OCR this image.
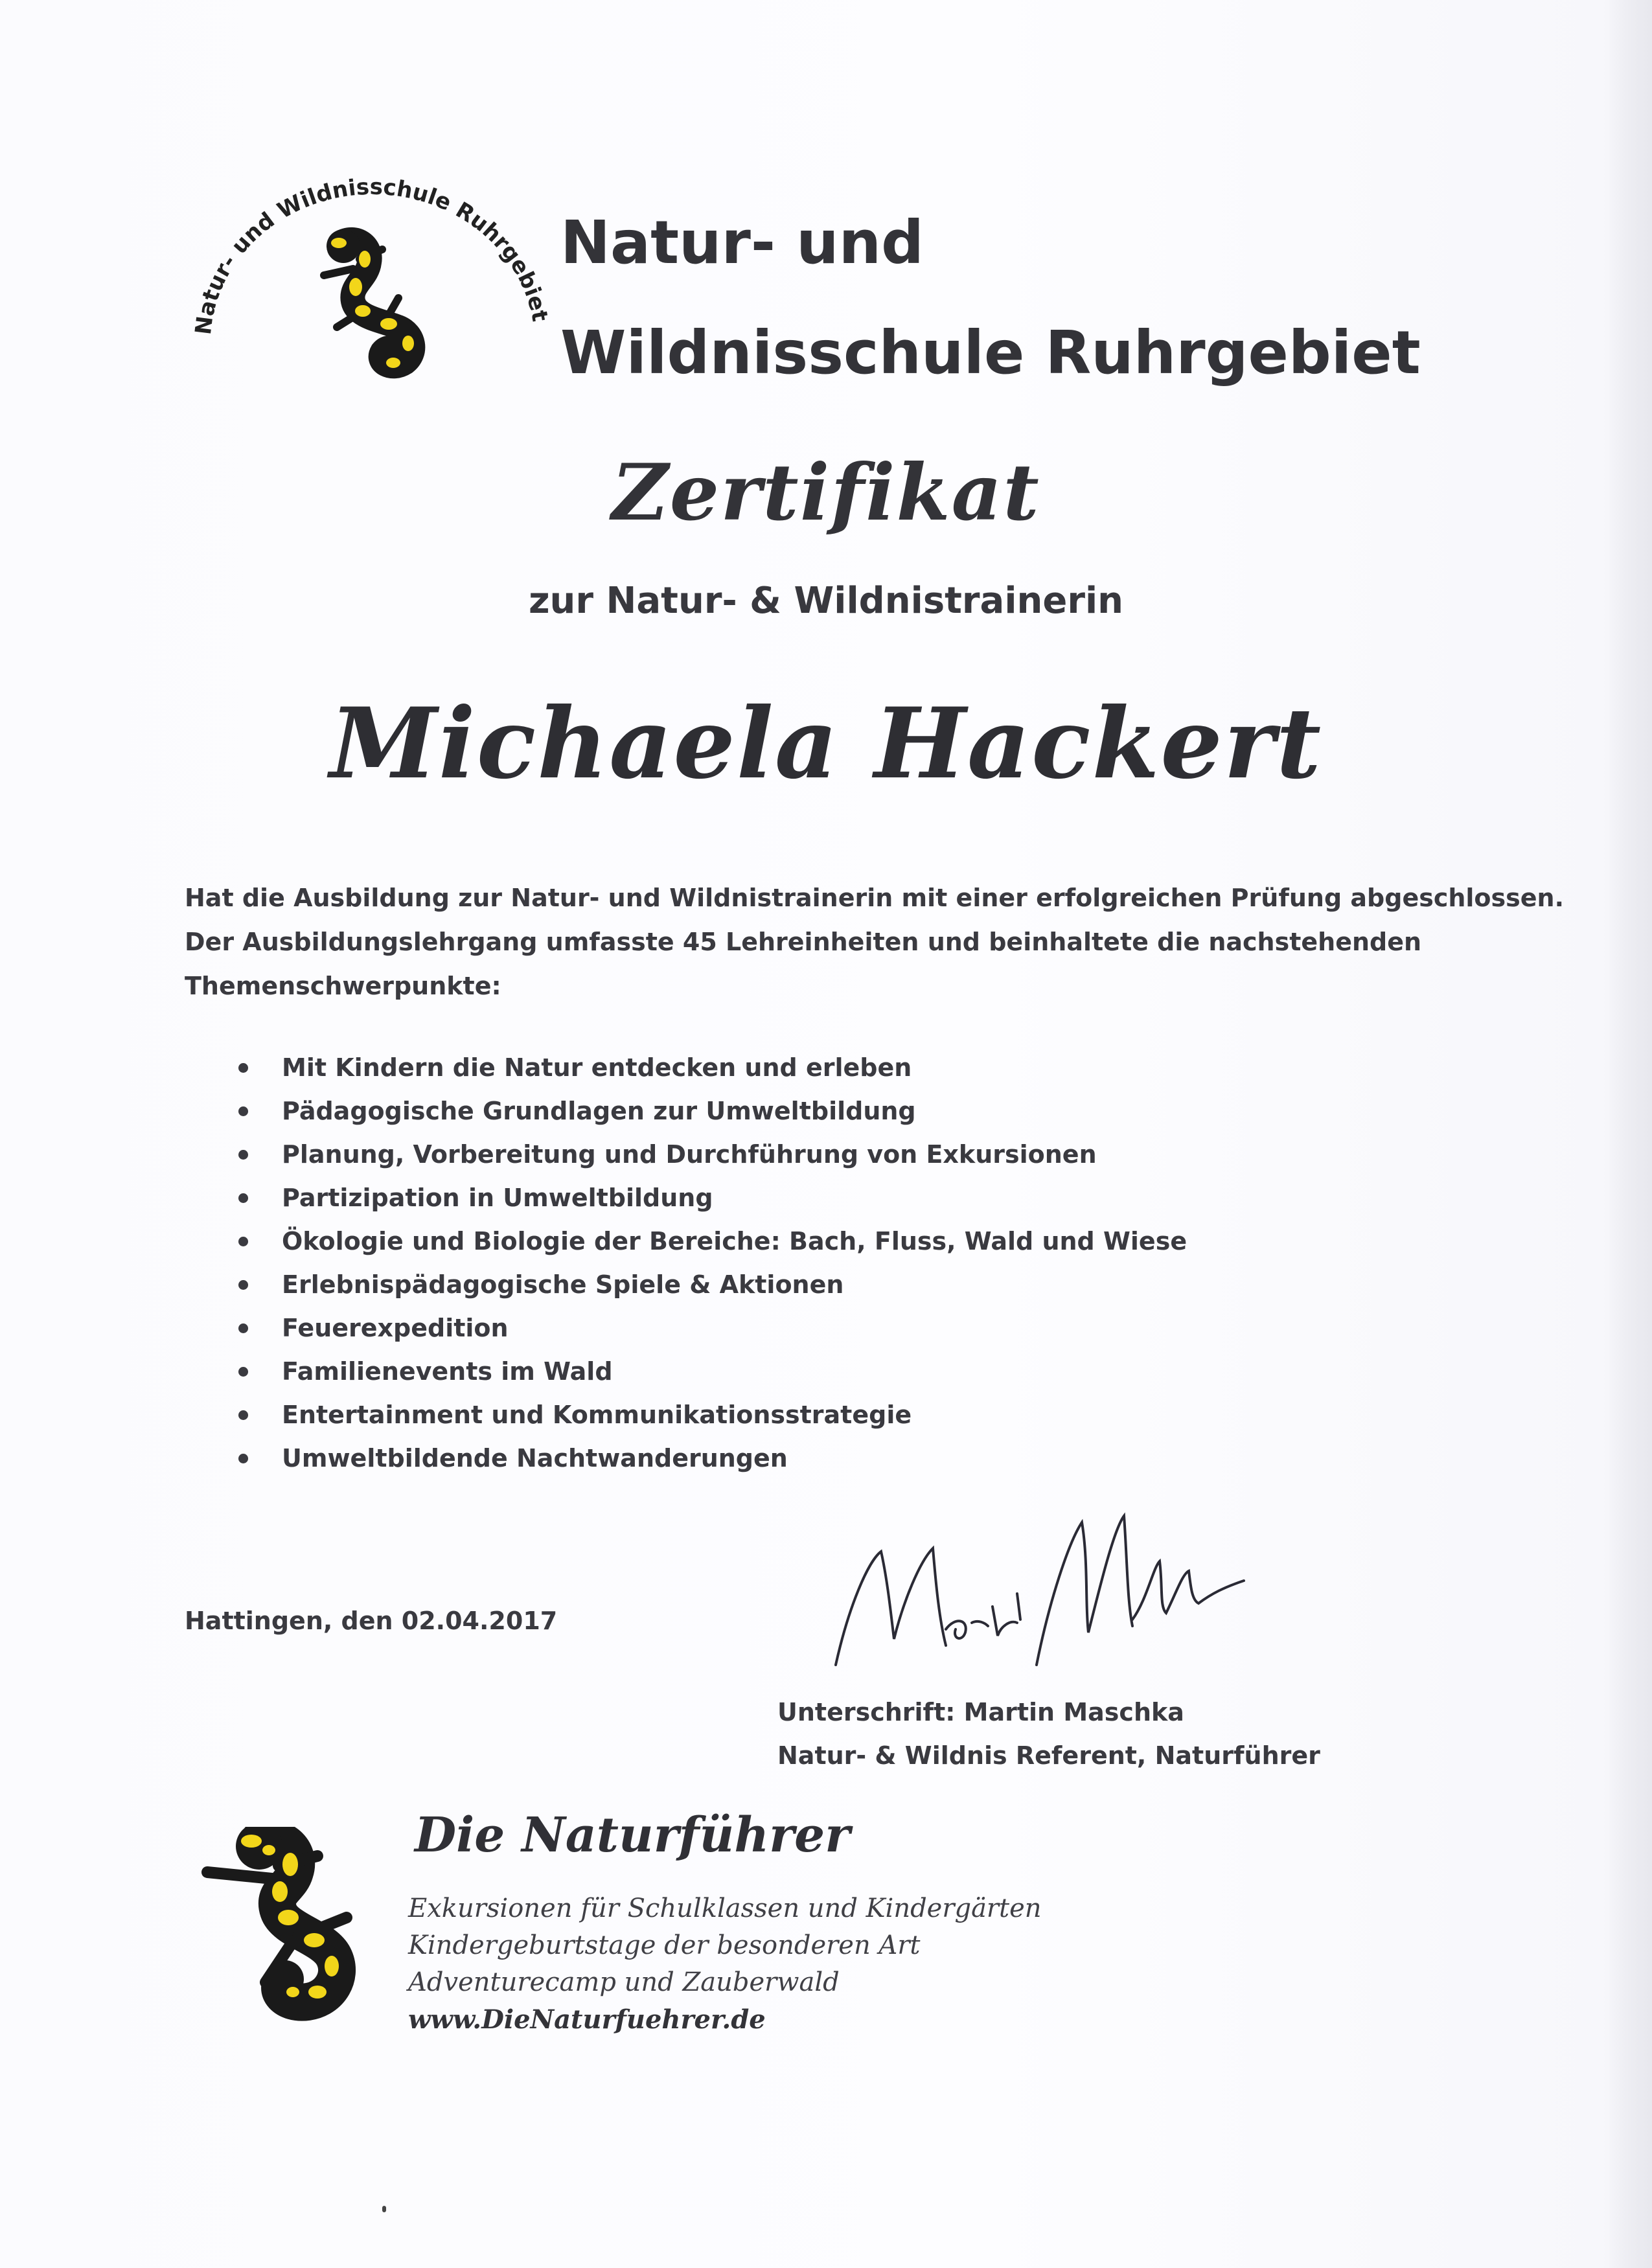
Natur- und Wildnisschule Ruhrgebiet
Natur- und
Wildnisschule Ruhrgebiet
Zertifikat
zur Natur- & Wildnistrainerin
Michaela Hackert
Hat die Ausbildung zur Natur- und Wildnistrainerin mit einer erfolgreichen Prüfung abgeschlossen.
Der Ausbildungslehrgang umfasste 45 Lehreinheiten und beinhaltete die nachstehenden
Themenschwerpunkte:
Mit Kindern die Natur entdecken und erleben
Pädagogische Grundlagen zur Umweltbildung
Planung, Vorbereitung und Durchführung von Exkursionen
Partizipation in Umweltbildung
Ökologie und Biologie der Bereiche: Bach, Fluss, Wald und Wiese
Erlebnispädagogische Spiele & Aktionen
Feuerexpedition
Familienevents im Wald
Entertainment und Kommunikationsstrategie
Umweltbildende Nachtwanderungen
Hattingen, den 02.04.2017
Unterschrift: Martin Maschka
Natur- & Wildnis Referent, Naturführer
Die Naturführer
Exkursionen für Schulklassen und Kindergärten
Kindergeburtstage der besonderen Art
Adventurecamp und Zauberwald
www.DieNaturfuehrer.de
